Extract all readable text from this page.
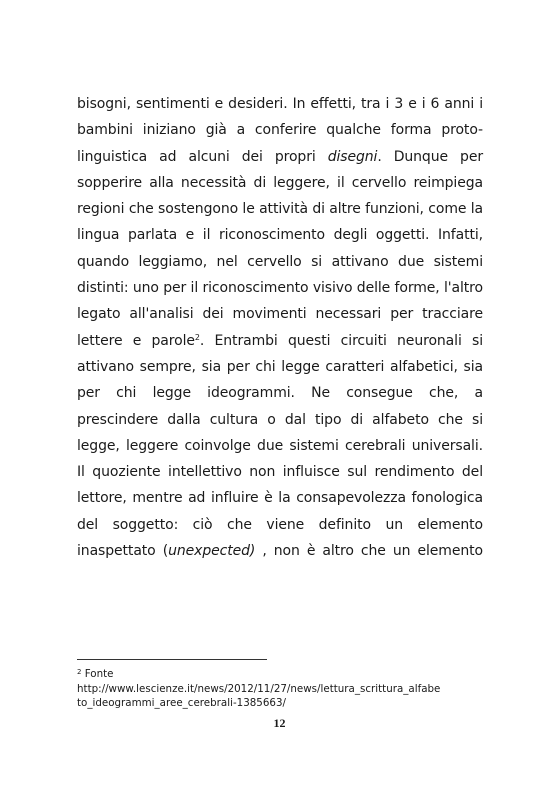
bisogni, sentimenti e desideri. In effetti, tra i 3 e i 6 anni i
bambini iniziano già a conferire qualche forma proto-
linguistica ad alcuni dei propri disegni. Dunque per
sopperire alla necessità di leggere, il cervello reimpiega
regioni che sostengono le attività di altre funzioni, come la
lingua parlata e il riconoscimento degli oggetti. Infatti,
quando leggiamo, nel cervello si attivano due sistemi
distinti: uno per il riconoscimento visivo delle forme, l'altro
legato all'analisi dei movimenti necessari per tracciare
lettere e parole$^2$. Entrambi questi circuiti neuronali si
attivano sempre, sia per chi legge caratteri alfabetici, sia
per chi legge ideogrammi. Ne consegue che, a
prescindere dalla cultura o dal tipo di alfabeto che si
legge, leggere coinvolge due sistemi cerebrali universali.
Il quoziente intellettivo non influisce sul rendimento del
lettore, mentre ad influire è la consapevolezza fonologica
del soggetto: ciò che viene definito un elemento
inaspettato (unexpected) , non è altro che un elemento
$^2$ Fonte
http://www.lescienze.it/news/2012/11/27/news/lettura_scrittura_alfabe
to_ideogrammi_aree_cerebrali-1385663/
12
